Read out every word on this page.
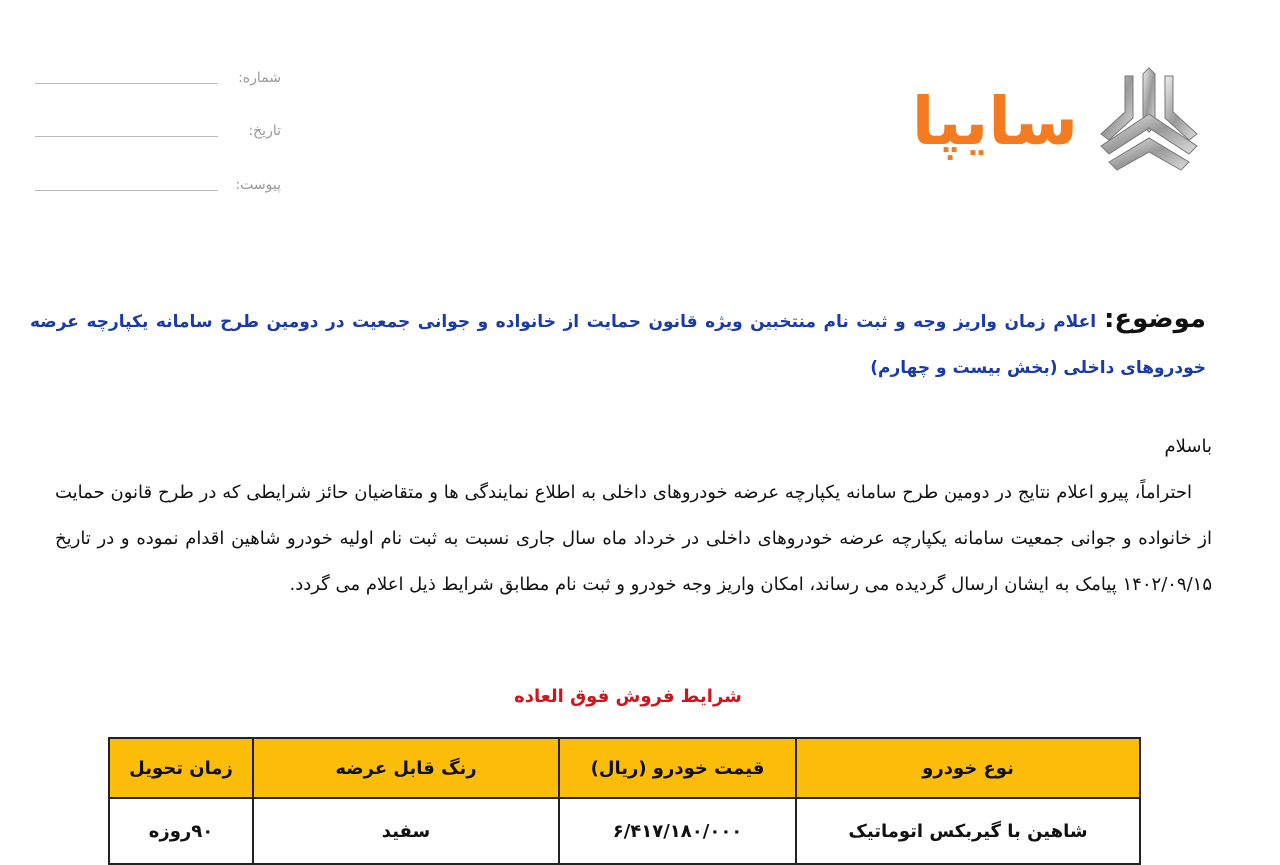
شماره:
تاریخ:
پیوست:
سایپا
موضوع:اعلام زمان واریز وجه و ثبت نام منتخبین ویژه قانون حمایت از خانواده و جوانی جمعیت در دومین طرح سامانه یکپارچه عرضه خودروهای داخلی (بخش بیست و چهارم)

باسلام

احتراماً، پیرو اعلام نتایج در دومین طرح سامانه یکپارچه عرضه خودروهای داخلی به اطلاع نمایندگی ها و متقاضیان حائز شرایطی که در طرح قانون حمایت از خانواده و جوانی جمعیت سامانه یکپارچه عرضه خودروهای داخلی در خرداد ماه سال جاری نسبت به ثبت نام اولیه خودرو شاهین اقدام نموده و در تاریخ ۱۴۰۲/۰۹/۱۵ پیامک به ایشان ارسال گردیده می رساند، امکان واریز وجه خودرو و ثبت نام مطابق شرایط ذیل اعلام می گردد.

شرایط فروش فوق العاده
نوع خودرو	قیمت خودرو (ریال)	رنگ قابل عرضه	زمان تحویل
شاهین با گیربکس اتوماتیک	۶/۴۱۷/۱۸۰/۰۰۰	سفید	۹۰روزه
